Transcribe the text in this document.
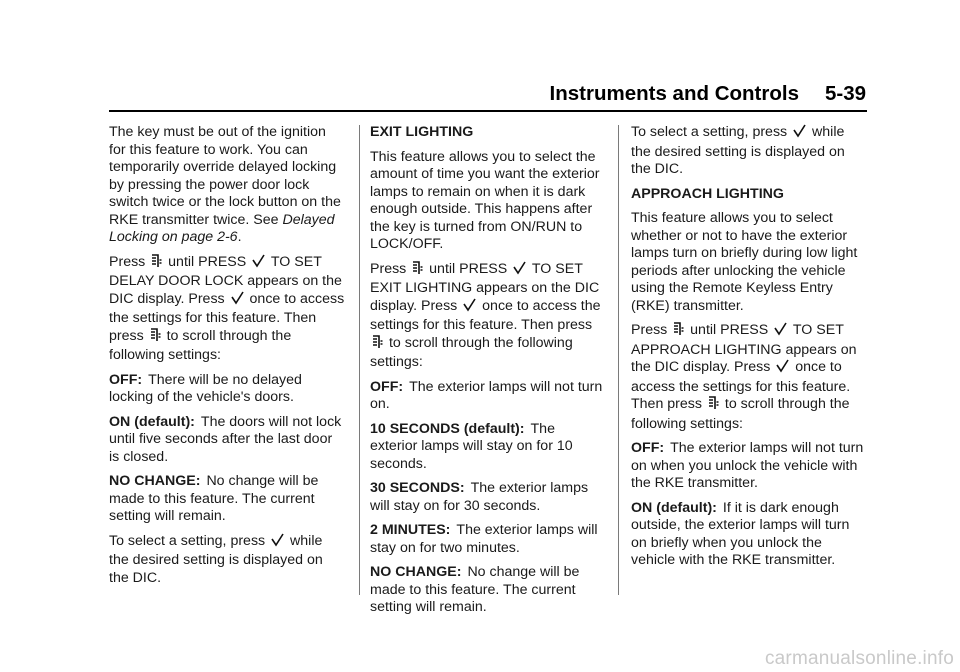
Instruments and Controls 5-39

The key must be out of the ignition for this feature to work. You can temporarily override delayed locking by pressing the power door lock switch twice or the lock button on the RKE transmitter twice. See Delayed Locking on page 2-6.

Press until PRESS TO SET DELAY DOOR LOCK appears on the DIC display. Press once to access the settings for this feature. Then press to scroll through the following settings:

OFF: There will be no delayed locking of the vehicle's doors.

ON (default): The doors will not lock until five seconds after the last door is closed.

NO CHANGE: No change will be made to this feature. The current setting will remain.

To select a setting, press while the desired setting is displayed on the DIC.

EXIT LIGHTING

This feature allows you to select the amount of time you want the exterior lamps to remain on when it is dark enough outside. This happens after the key is turned from ON/RUN to LOCK/OFF.

Press until PRESS TO SET EXIT LIGHTING appears on the DIC display. Press once to access the settings for this feature. Then press  to scroll through the following settings:

OFF: The exterior lamps will not turn on.

10 SECONDS (default): The exterior lamps will stay on for 10 seconds.

30 SECONDS: The exterior lamps will stay on for 30 seconds.

2 MINUTES: The exterior lamps will stay on for two minutes.

NO CHANGE: No change will be made to this feature. The current setting will remain.

To select a setting, press while the desired setting is displayed on the DIC.

APPROACH LIGHTING

This feature allows you to select whether or not to have the exterior lamps turn on briefly during low light periods after unlocking the vehicle using the Remote Keyless Entry (RKE) transmitter.

Press until PRESS TO SET APPROACH LIGHTING appears on the DIC display. Press once to access the settings for this feature. Then press to scroll through the following settings:

OFF: The exterior lamps will not turn on when you unlock the vehicle with the RKE transmitter.

ON (default): If it is dark enough outside, the exterior lamps will turn on briefly when you unlock the vehicle with the RKE transmitter.

carmanualsonline.info
